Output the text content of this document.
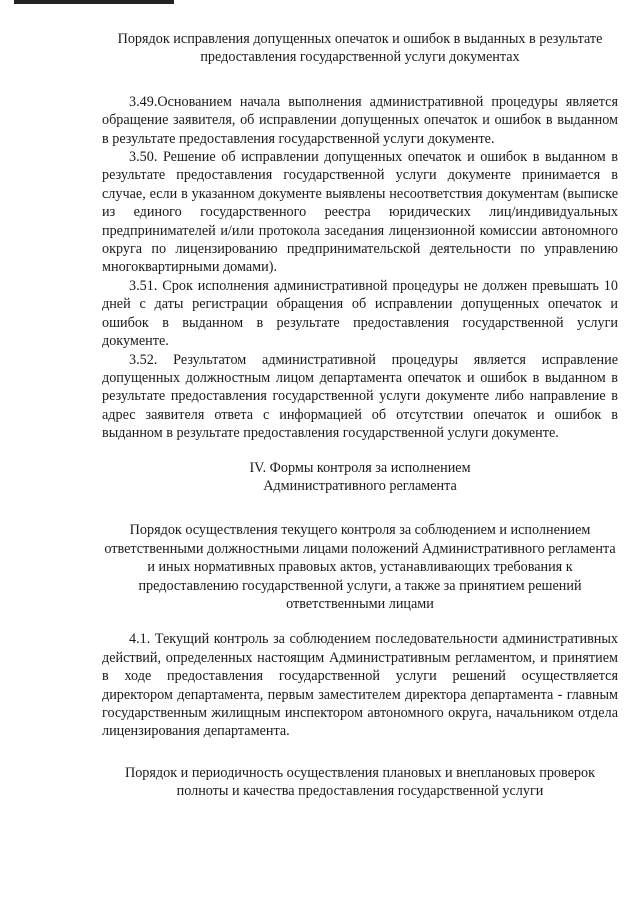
Порядок исправления допущенных опечаток и ошибок в выданных в результате предоставления государственной услуги документах

3.49.Основанием начала выполнения административной процедуры является обращение заявителя, об исправлении допущенных опечаток и ошибок в выданном в результате предоставления государственной услуги документе.

3.50. Решение об исправлении допущенных опечаток и ошибок в выданном в результате предоставления государственной услуги документе принимается в случае, если в указанном документе выявлены несоответствия документам (выписке из единого государственного реестра юридических лиц/индивидуальных предпринимателей и/или протокола заседания лицензионной комиссии автономного округа по лицензированию предпринимательской деятельности по управлению многоквартирными домами).

3.51. Срок исполнения административной процедуры не должен превышать 10 дней с даты регистрации обращения об исправлении допущенных опечаток и ошибок в выданном в результате предоставления государственной услуги документе.

3.52. Результатом административной процедуры является исправление допущенных должностным лицом департамента опечаток и ошибок в выданном в результате предоставления государственной услуги документе либо направление в адрес заявителя ответа с информацией об отсутствии опечаток и ошибок в выданном в результате предоставления государственной услуги документе.

IV. Формы контроля за исполнением
Административного регламента

Порядок осуществления текущего контроля за соблюдением и исполнением ответственными должностными лицами положений Административного регламента и иных нормативных правовых актов, устанавливающих требования к предоставлению государственной услуги, а также за принятием решений ответственными лицами

4.1. Текущий контроль за соблюдением последовательности административных действий, определенных настоящим Административным регламентом, и принятием в ходе предоставления государственной услуги решений осуществляется директором департамента, первым заместителем директора департамента - главным государственным жилищным инспектором автономного округа, начальником отдела лицензирования департамента.

Порядок и периодичность осуществления плановых и внеплановых проверок полноты и качества предоставления государственной услуги
